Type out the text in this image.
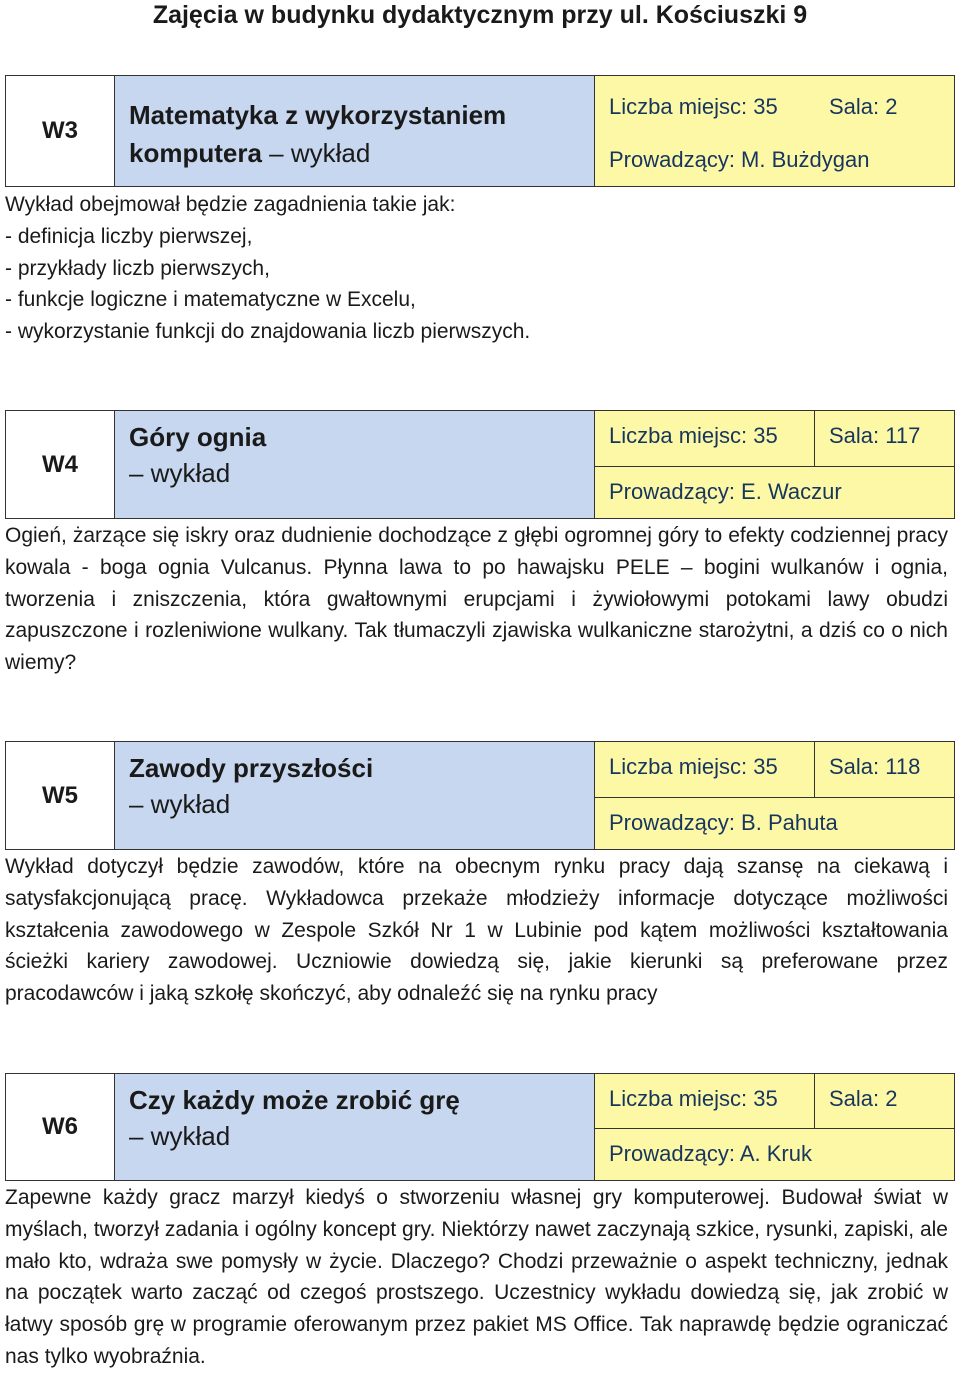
Zajęcia w budynku dydaktycznym przy ul. Kościuszki 9
W3
Matematyka z wykorzystaniem komputera – wykład
Liczba miejsc: 35	Sala: 2
Prowadzący: M. Bużdygan
Wykład obejmował będzie zagadnienia takie jak:
- definicja liczby pierwszej,
- przykłady liczb pierwszych,
- funkcje logiczne i matematyczne w Excelu,
- wykorzystanie funkcji do znajdowania liczb pierwszych.
W4
Góry ognia
– wykład
Liczba miejsc: 35	Sala: 117
Prowadzący: E. Waczur
Ogień, żarzące się iskry oraz dudnienie dochodzące z głębi ogromnej góry to efekty codziennej pracy kowala - boga ognia Vulcanus. Płynna lawa to po hawajsku PELE – bogini wulkanów i ognia, tworzenia i zniszczenia, która gwałtownymi erupcjami i żywiołowymi potokami lawy obudzi zapuszczone i rozleniwione wulkany. Tak tłumaczyli zjawiska wulkaniczne starożytni, a dziś co o nich wiemy?
W5
Zawody przyszłości
– wykład
Liczba miejsc: 35	Sala: 118
Prowadzący: B. Pahuta
Wykład dotyczył będzie zawodów, które na obecnym rynku pracy dają szansę na ciekawą i satysfakcjonującą pracę. Wykładowca przekaże młodzieży informacje dotyczące możliwości kształcenia zawodowego w Zespole Szkół Nr 1 w Lubinie pod kątem możliwości kształtowania ścieżki kariery zawodowej. Uczniowie dowiedzą się, jakie kierunki są preferowane przez pracodawców i jaką szkołę skończyć, aby odnaleźć się na rynku pracy
W6
Czy każdy może zrobić grę
– wykład
Liczba miejsc: 35	Sala: 2
Prowadzący: A. Kruk
Zapewne każdy gracz marzył kiedyś o stworzeniu własnej gry komputerowej. Budował świat w myślach, tworzył zadania i ogólny koncept gry. Niektórzy nawet zaczynają szkice, rysunki, zapiski, ale mało kto, wdraża swe pomysły w życie. Dlaczego? Chodzi przeważnie o aspekt techniczny, jednak na początek warto zacząć od czegoś prostszego. Uczestnicy wykładu dowiedzą się, jak zrobić w łatwy sposób grę w programie oferowanym przez pakiet MS Office. Tak naprawdę będzie ograniczać nas tylko wyobraźnia.
